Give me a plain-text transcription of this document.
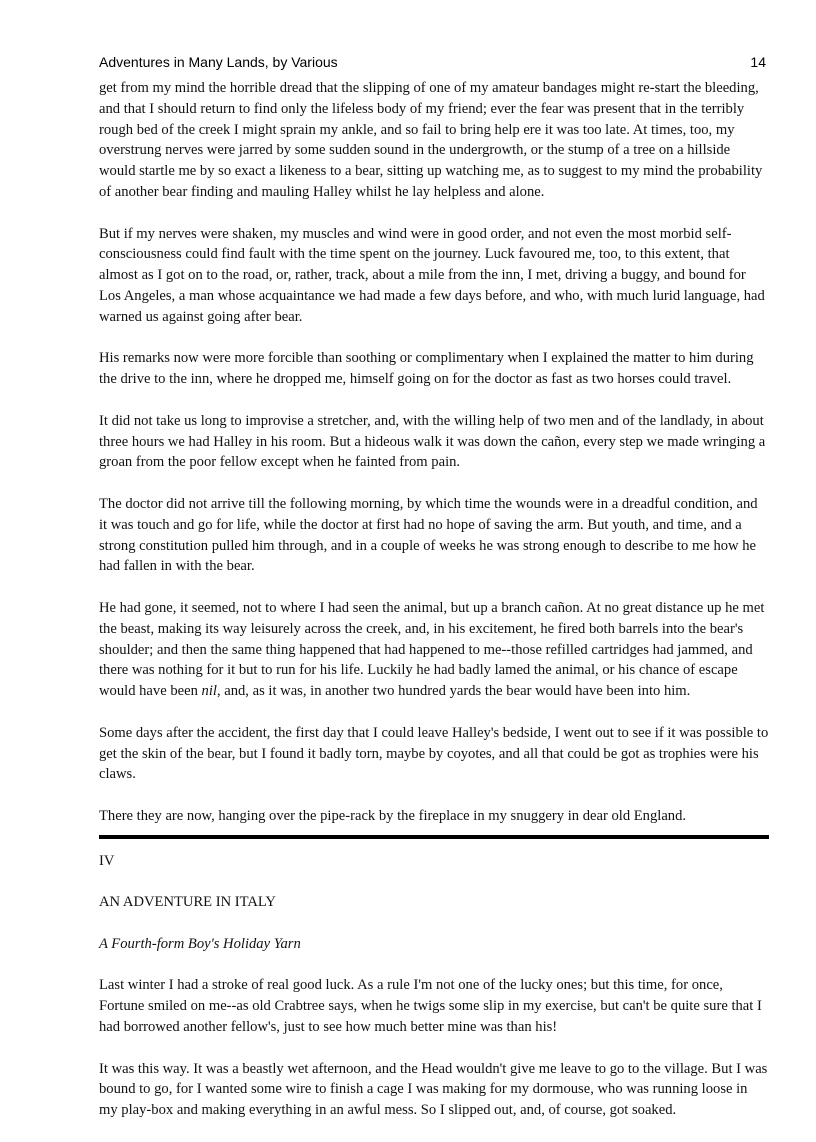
Adventures in Many Lands, by Various	14

get from my mind the horrible dread that the slipping of one of my amateur bandages might re-start the bleeding, and that I should return to find only the lifeless body of my friend; ever the fear was present that in the terribly rough bed of the creek I might sprain my ankle, and so fail to bring help ere it was too late. At times, too, my overstrung nerves were jarred by some sudden sound in the undergrowth, or the stump of a tree on a hillside would startle me by so exact a likeness to a bear, sitting up watching me, as to suggest to my mind the probability of another bear finding and mauling Halley whilst he lay helpless and alone.

But if my nerves were shaken, my muscles and wind were in good order, and not even the most morbid self-consciousness could find fault with the time spent on the journey. Luck favoured me, too, to this extent, that almost as I got on to the road, or, rather, track, about a mile from the inn, I met, driving a buggy, and bound for Los Angeles, a man whose acquaintance we had made a few days before, and who, with much lurid language, had warned us against going after bear.

His remarks now were more forcible than soothing or complimentary when I explained the matter to him during the drive to the inn, where he dropped me, himself going on for the doctor as fast as two horses could travel.

It did not take us long to improvise a stretcher, and, with the willing help of two men and of the landlady, in about three hours we had Halley in his room. But a hideous walk it was down the cañon, every step we made wringing a groan from the poor fellow except when he fainted from pain.

The doctor did not arrive till the following morning, by which time the wounds were in a dreadful condition, and it was touch and go for life, while the doctor at first had no hope of saving the arm. But youth, and time, and a strong constitution pulled him through, and in a couple of weeks he was strong enough to describe to me how he had fallen in with the bear.

He had gone, it seemed, not to where I had seen the animal, but up a branch cañon. At no great distance up he met the beast, making its way leisurely across the creek, and, in his excitement, he fired both barrels into the bear's shoulder; and then the same thing happened that had happened to me--those refilled cartridges had jammed, and there was nothing for it but to run for his life. Luckily he had badly lamed the animal, or his chance of escape would have been nil, and, as it was, in another two hundred yards the bear would have been into him.

Some days after the accident, the first day that I could leave Halley's bedside, I went out to see if it was possible to get the skin of the bear, but I found it badly torn, maybe by coyotes, and all that could be got as trophies were his claws.

There they are now, hanging over the pipe-rack by the fireplace in my snuggery in dear old England.

IV

AN ADVENTURE IN ITALY

A Fourth-form Boy's Holiday Yarn

Last winter I had a stroke of real good luck. As a rule I'm not one of the lucky ones; but this time, for once, Fortune smiled on me--as old Crabtree says, when he twigs some slip in my exercise, but can't be quite sure that I had borrowed another fellow's, just to see how much better mine was than his!

It was this way. It was a beastly wet afternoon, and the Head wouldn't give me leave to go to the village. But I was bound to go, for I wanted some wire to finish a cage I was making for my dormouse, who was running loose in my play-box and making everything in an awful mess. So I slipped out, and, of course, got soaked.
